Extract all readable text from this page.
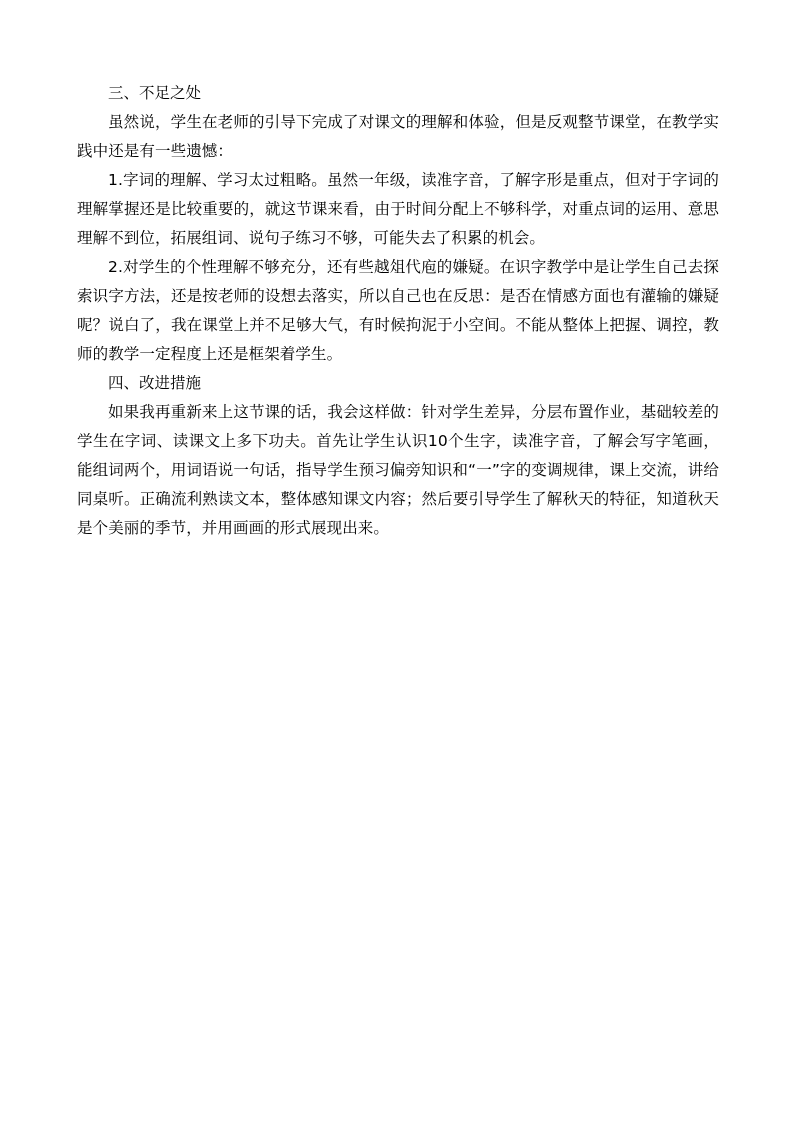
三、不足之处

虽然说，学生在老师的引导下完成了对课文的理解和体验，但是反观整节课堂，在教学实践中还是有一些遗憾：

1.字词的理解、学习太过粗略。虽然一年级，读准字音，了解字形是重点，但对于字词的理解掌握还是比较重要的，就这节课来看，由于时间分配上不够科学，对重点词的运用、意思理解不到位，拓展组词、说句子练习不够，可能失去了积累的机会。

2.对学生的个性理解不够充分，还有些越俎代庖的嫌疑。在识字教学中是让学生自己去探索识字方法，还是按老师的设想去落实，所以自己也在反思：是否在情感方面也有灌输的嫌疑呢？说白了，我在课堂上并不足够大气，有时候拘泥于小空间。不能从整体上把握、调控，教师的教学一定程度上还是框架着学生。

四、改进措施

如果我再重新来上这节课的话，我会这样做：针对学生差异，分层布置作业，基础较差的学生在字词、读课文上多下功夫。首先让学生认识10个生字，读准字音，了解会写字笔画，能组词两个，用词语说一句话，指导学生预习偏旁知识和“一”字的变调规律，课上交流，讲给同桌听。正确流利熟读文本，整体感知课文内容；然后要引导学生了解秋天的特征，知道秋天是个美丽的季节，并用画画的形式展现出来。
